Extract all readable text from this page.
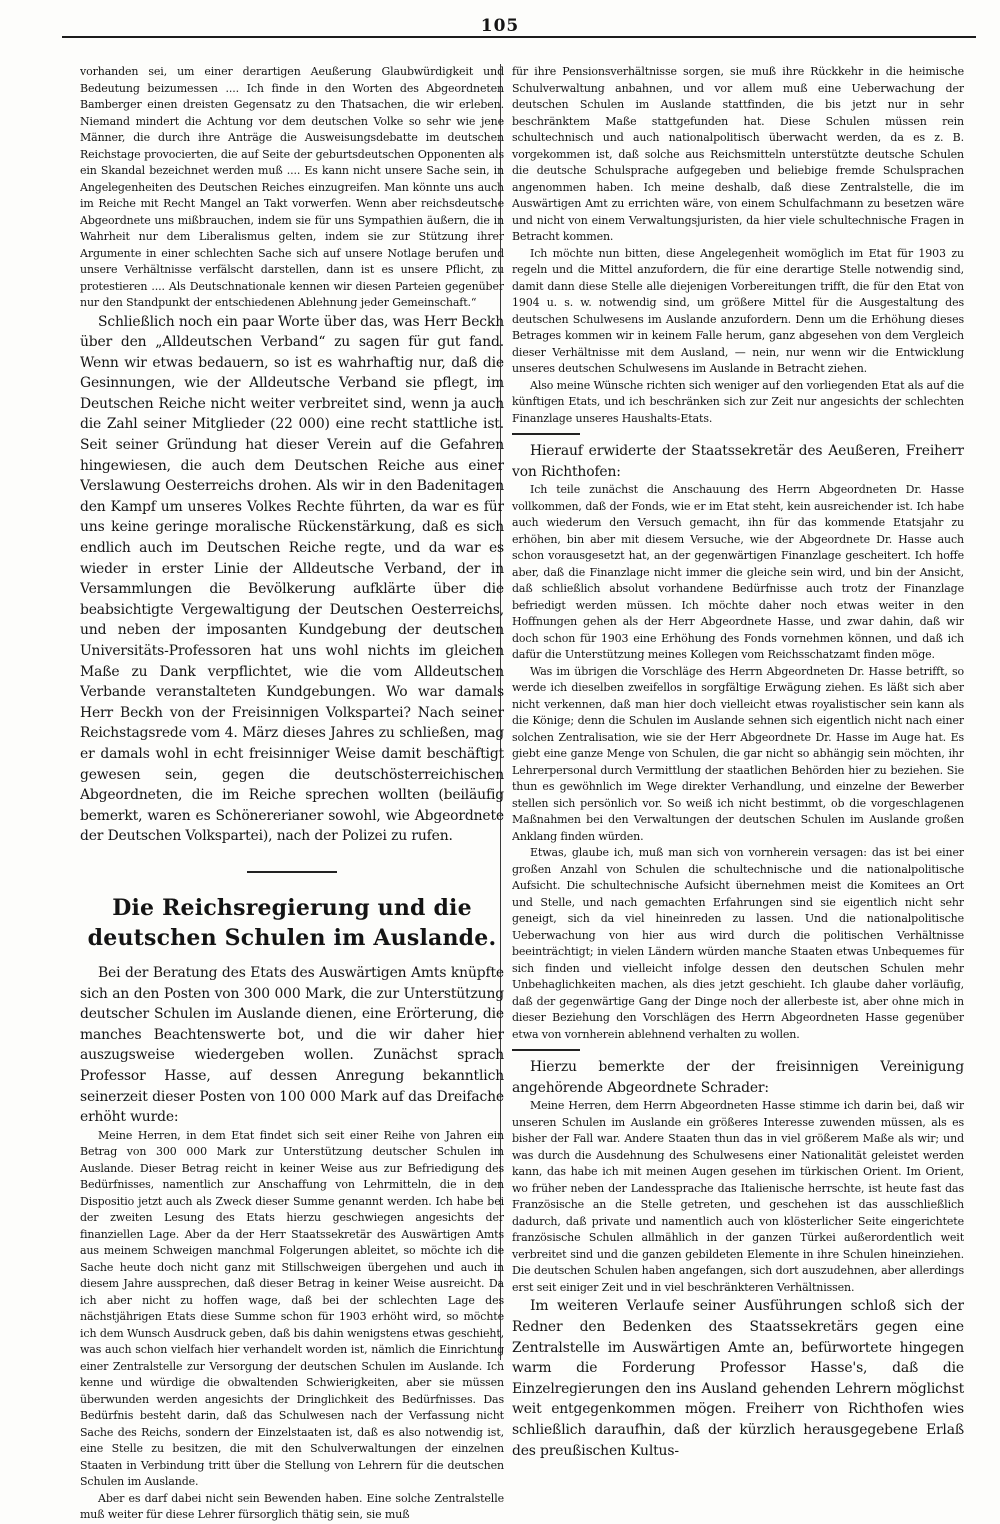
105

vorhanden sei, um einer derartigen Aeußerung Glaubwürdigkeit und Bedeutung beizumessen .... Ich finde in den Worten des Abgeordneten Bamberger einen dreisten Gegensatz zu den Thatsachen, die wir erleben. Niemand mindert die Achtung vor dem deutschen Volke so sehr wie jene Männer, die durch ihre Anträge die Ausweisungsdebatte im deutschen Reichstage provocierten, die auf Seite der geburtsdeutschen Opponenten als ein Skandal bezeichnet werden muß .... Es kann nicht unsere Sache sein, in Angelegenheiten des Deutschen Reiches einzugreifen. Man könnte uns auch im Reiche mit Recht Mangel an Takt vorwerfen. Wenn aber reichsdeutsche Abgeordnete uns mißbrauchen, indem sie für uns Sympathien äußern, die in Wahrheit nur dem Liberalismus gelten, indem sie zur Stützung ihrer Argumente in einer schlechten Sache sich auf unsere Notlage berufen und unsere Verhältnisse verfälscht darstellen, dann ist es unsere Pflicht, zu protestieren .... Als Deutschnationale kennen wir diesen Parteien gegenüber nur den Standpunkt der entschiedenen Ablehnung jeder Gemeinschaft.“

Schließlich noch ein paar Worte über das, was Herr Beckh über den „Alldeutschen Verband“ zu sagen für gut fand. Wenn wir etwas bedauern, so ist es wahrhaftig nur, daß die Gesinnungen, wie der Alldeutsche Verband sie pflegt, im Deutschen Reiche nicht weiter verbreitet sind, wenn ja auch die Zahl seiner Mitglieder (22 000) eine recht stattliche ist. Seit seiner Gründung hat dieser Verein auf die Gefahren hingewiesen, die auch dem Deutschen Reiche aus einer Verslawung Oesterreichs drohen. Als wir in den Badenitagen den Kampf um unseres Volkes Rechte führten, da war es für uns keine geringe moralische Rückenstärkung, daß es sich endlich auch im Deutschen Reiche regte, und da war es wieder in erster Linie der Alldeutsche Verband, der in Versammlungen die Bevölkerung aufklärte über die beabsichtigte Vergewaltigung der Deutschen Oesterreichs, und neben der imposanten Kundgebung der deutschen Universitäts-Professoren hat uns wohl nichts im gleichen Maße zu Dank verpflichtet, wie die vom Alldeutschen Verbande veranstalteten Kundgebungen. Wo war damals Herr Beckh von der Freisinnigen Volkspartei? Nach seiner Reichstagsrede vom 4. März dieses Jahres zu schließen, mag er damals wohl in echt freisinniger Weise damit beschäftigt gewesen sein, gegen die deutschösterreichischen Abgeordneten, die im Reiche sprechen wollten (beiläufig bemerkt, waren es Schönererianer sowohl, wie Abgeordnete der Deutschen Volkspartei), nach der Polizei zu rufen.

Die Reichsregierung und die deutschen Schulen im Auslande.

Bei der Beratung des Etats des Auswärtigen Amts knüpfte sich an den Posten von 300 000 Mark, die zur Unterstützung deutscher Schulen im Auslande dienen, eine Erörterung, die manches Beachtenswerte bot, und die wir daher hier auszugsweise wiedergeben wollen. Zunächst sprach Professor Hasse, auf dessen Anregung bekanntlich seinerzeit dieser Posten von 100 000 Mark auf das Dreifache erhöht wurde:

Meine Herren, in dem Etat findet sich seit einer Reihe von Jahren ein Betrag von 300 000 Mark zur Unterstützung deutscher Schulen im Auslande. Dieser Betrag reicht in keiner Weise aus zur Befriedigung des Bedürfnisses, namentlich zur Anschaffung von Lehrmitteln, die in den Dispositio jetzt auch als Zweck dieser Summe genannt werden. Ich habe bei der zweiten Lesung des Etats hierzu geschwiegen angesichts der finanziellen Lage. Aber da der Herr Staatssekretär des Auswärtigen Amts aus meinem Schweigen manchmal Folgerungen ableitet, so möchte ich die Sache heute doch nicht ganz mit Stillschweigen übergehen und auch in diesem Jahre aussprechen, daß dieser Betrag in keiner Weise ausreicht. Da ich aber nicht zu hoffen wage, daß bei der schlechten Lage des nächstjährigen Etats diese Summe schon für 1903 erhöht wird, so möchte ich dem Wunsch Ausdruck geben, daß bis dahin wenigstens etwas geschieht, was auch schon vielfach hier verhandelt worden ist, nämlich die Einrichtung einer Zentralstelle zur Versorgung der deutschen Schulen im Auslande. Ich kenne und würdige die obwaltenden Schwierigkeiten, aber sie müssen überwunden werden angesichts der Dringlichkeit des Bedürfnisses. Das Bedürfnis besteht darin, daß das Schulwesen nach der Verfassung nicht Sache des Reichs, sondern der Einzelstaaten ist, daß es also notwendig ist, eine Stelle zu besitzen, die mit den Schulverwaltungen der einzelnen Staaten in Verbindung tritt über die Stellung von Lehrern für die deutschen Schulen im Auslande.

Aber es darf dabei nicht sein Bewenden haben. Eine solche Zentralstelle muß weiter für diese Lehrer fürsorglich thätig sein, sie muß

für ihre Pensionsverhältnisse sorgen, sie muß ihre Rückkehr in die heimische Schulverwaltung anbahnen, und vor allem muß eine Ueberwachung der deutschen Schulen im Auslande stattfinden, die bis jetzt nur in sehr beschränktem Maße stattgefunden hat. Diese Schulen müssen rein schultechnisch und auch nationalpolitisch überwacht werden, da es z. B. vorgekommen ist, daß solche aus Reichsmitteln unterstützte deutsche Schulen die deutsche Schulsprache aufgegeben und beliebige fremde Schulsprachen angenommen haben. Ich meine deshalb, daß diese Zentralstelle, die im Auswärtigen Amt zu errichten wäre, von einem Schulfachmann zu besetzen wäre und nicht von einem Verwaltungsjuristen, da hier viele schultechnische Fragen in Betracht kommen.

Ich möchte nun bitten, diese Angelegenheit womöglich im Etat für 1903 zu regeln und die Mittel anzufordern, die für eine derartige Stelle notwendig sind, damit dann diese Stelle alle diejenigen Vorbereitungen trifft, die für den Etat von 1904 u. s. w. notwendig sind, um größere Mittel für die Ausgestaltung des deutschen Schulwesens im Auslande anzufordern. Denn um die Erhöhung dieses Betrages kommen wir in keinem Falle herum, ganz abgesehen von dem Vergleich dieser Verhältnisse mit dem Ausland, — nein, nur wenn wir die Entwicklung unseres deutschen Schulwesens im Auslande in Betracht ziehen.

Also meine Wünsche richten sich weniger auf den vorliegenden Etat als auf die künftigen Etats, und ich beschränken sich zur Zeit nur angesichts der schlechten Finanzlage unseres Haushalts-Etats.

Hierauf erwiderte der Staatssekretär des Aeußeren, Freiherr von Richthofen:

Ich teile zunächst die Anschauung des Herrn Abgeordneten Dr. Hasse vollkommen, daß der Fonds, wie er im Etat steht, kein ausreichender ist. Ich habe auch wiederum den Versuch gemacht, ihn für das kommende Etatsjahr zu erhöhen, bin aber mit diesem Versuche, wie der Abgeordnete Dr. Hasse auch schon vorausgesetzt hat, an der gegenwärtigen Finanzlage gescheitert. Ich hoffe aber, daß die Finanzlage nicht immer die gleiche sein wird, und bin der Ansicht, daß schließlich absolut vorhandene Bedürfnisse auch trotz der Finanzlage befriedigt werden müssen. Ich möchte daher noch etwas weiter in den Hoffnungen gehen als der Herr Abgeordnete Hasse, und zwar dahin, daß wir doch schon für 1903 eine Erhöhung des Fonds vornehmen können, und daß ich dafür die Unterstützung meines Kollegen vom Reichsschatzamt finden möge.

Was im übrigen die Vorschläge des Herrn Abgeordneten Dr. Hasse betrifft, so werde ich dieselben zweifellos in sorgfältige Erwägung ziehen. Es läßt sich aber nicht verkennen, daß man hier doch vielleicht etwas royalistischer sein kann als die Könige; denn die Schulen im Auslande sehnen sich eigentlich nicht nach einer solchen Zentralisation, wie sie der Herr Abgeordnete Dr. Hasse im Auge hat. Es giebt eine ganze Menge von Schulen, die gar nicht so abhängig sein möchten, ihr Lehrerpersonal durch Vermittlung der staatlichen Behörden hier zu beziehen. Sie thun es gewöhnlich im Wege direkter Verhandlung, und einzelne der Bewerber stellen sich persönlich vor. So weiß ich nicht bestimmt, ob die vorgeschlagenen Maßnahmen bei den Verwaltungen der deutschen Schulen im Auslande großen Anklang finden würden.

Etwas, glaube ich, muß man sich von vornherein versagen: das ist bei einer großen Anzahl von Schulen die schultechnische und die nationalpolitische Aufsicht. Die schultechnische Aufsicht übernehmen meist die Komitees an Ort und Stelle, und nach gemachten Erfahrungen sind sie eigentlich nicht sehr geneigt, sich da viel hineinreden zu lassen. Und die nationalpolitische Ueberwachung von hier aus wird durch die politischen Verhältnisse beeinträchtigt; in vielen Ländern würden manche Staaten etwas Unbequemes für sich finden und vielleicht infolge dessen den deutschen Schulen mehr Unbehaglichkeiten machen, als dies jetzt geschieht. Ich glaube daher vorläufig, daß der gegenwärtige Gang der Dinge noch der allerbeste ist, aber ohne mich in dieser Beziehung den Vorschlägen des Herrn Abgeordneten Hasse gegenüber etwa von vornherein ablehnend verhalten zu wollen.

Hierzu bemerkte der der freisinnigen Vereinigung angehörende Abgeordnete Schrader:

Meine Herren, dem Herrn Abgeordneten Hasse stimme ich darin bei, daß wir unseren Schulen im Auslande ein größeres Interesse zuwenden müssen, als es bisher der Fall war. Andere Staaten thun das in viel größerem Maße als wir; und was durch die Ausdehnung des Schulwesens einer Nationalität geleistet werden kann, das habe ich mit meinen Augen gesehen im türkischen Orient. Im Orient, wo früher neben der Landessprache das Italienische herrschte, ist heute fast das Französische an die Stelle getreten, und geschehen ist das ausschließlich dadurch, daß private und namentlich auch von klösterlicher Seite eingerichtete französische Schulen allmählich in der ganzen Türkei außerordentlich weit verbreitet sind und die ganzen gebildeten Elemente in ihre Schulen hineinziehen. Die deutschen Schulen haben angefangen, sich dort auszudehnen, aber allerdings erst seit einiger Zeit und in viel beschränkteren Verhältnissen.

Im weiteren Verlaufe seiner Ausführungen schloß sich der Redner den Bedenken des Staatssekretärs gegen eine Zentralstelle im Auswärtigen Amte an, befürwortete hingegen warm die Forderung Professor Hasse's, daß die Einzelregierungen den ins Ausland gehenden Lehrern möglichst weit entgegenkommen mögen. Freiherr von Richthofen wies schließlich daraufhin, daß der kürzlich herausgegebene Erlaß des preußischen Kultus-
